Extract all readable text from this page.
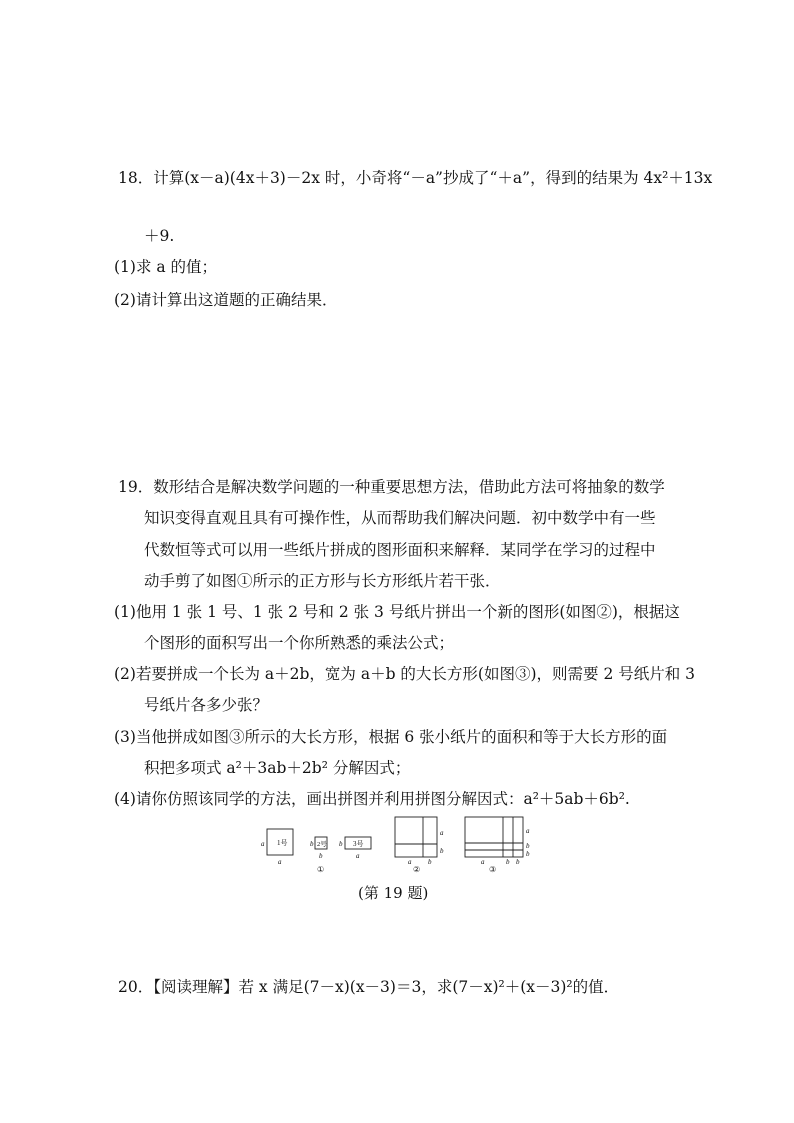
18．计算(x－a)(4x＋3)－2x 时，小奇将“－a”抄成了“＋a”，得到的结果为 4x²＋13x
＋9.
(1)求 a 的值；
(2)请计算出这道题的正确结果．
19．数形结合是解决数学问题的一种重要思想方法，借助此方法可将抽象的数学
知识变得直观且具有可操作性，从而帮助我们解决问题．初中数学中有一些
代数恒等式可以用一些纸片拼成的图形面积来解释．某同学在学习的过程中
动手剪了如图①所示的正方形与长方形纸片若干张．
(1)他用 1 张 1 号、1 张 2 号和 2 张 3 号纸片拼出一个新的图形(如图②)，根据这
个图形的面积写出一个你所熟悉的乘法公式；
(2)若要拼成一个长为 a＋2b，宽为 a＋b 的大长方形(如图③)，则需要 2 号纸片和 3
号纸片各多少张？
(3)当他拼成如图③所示的大长方形，根据 6 张小纸片的面积和等于大长方形的面
积把多项式 a²＋3ab＋2b² 分解因式；
(4)请你仿照该同学的方法，画出拼图并利用拼图分解因式：a²＋5ab＋6b².
1号	2号	3号
a
a
b
b
b
a
①
a
b
a b
②
a
b
b
a	b b
③
(第 19 题)
20．【阅读理解】若 x 满足(7－x)(x－3)＝3，求(7－x)²＋(x－3)²的值．
